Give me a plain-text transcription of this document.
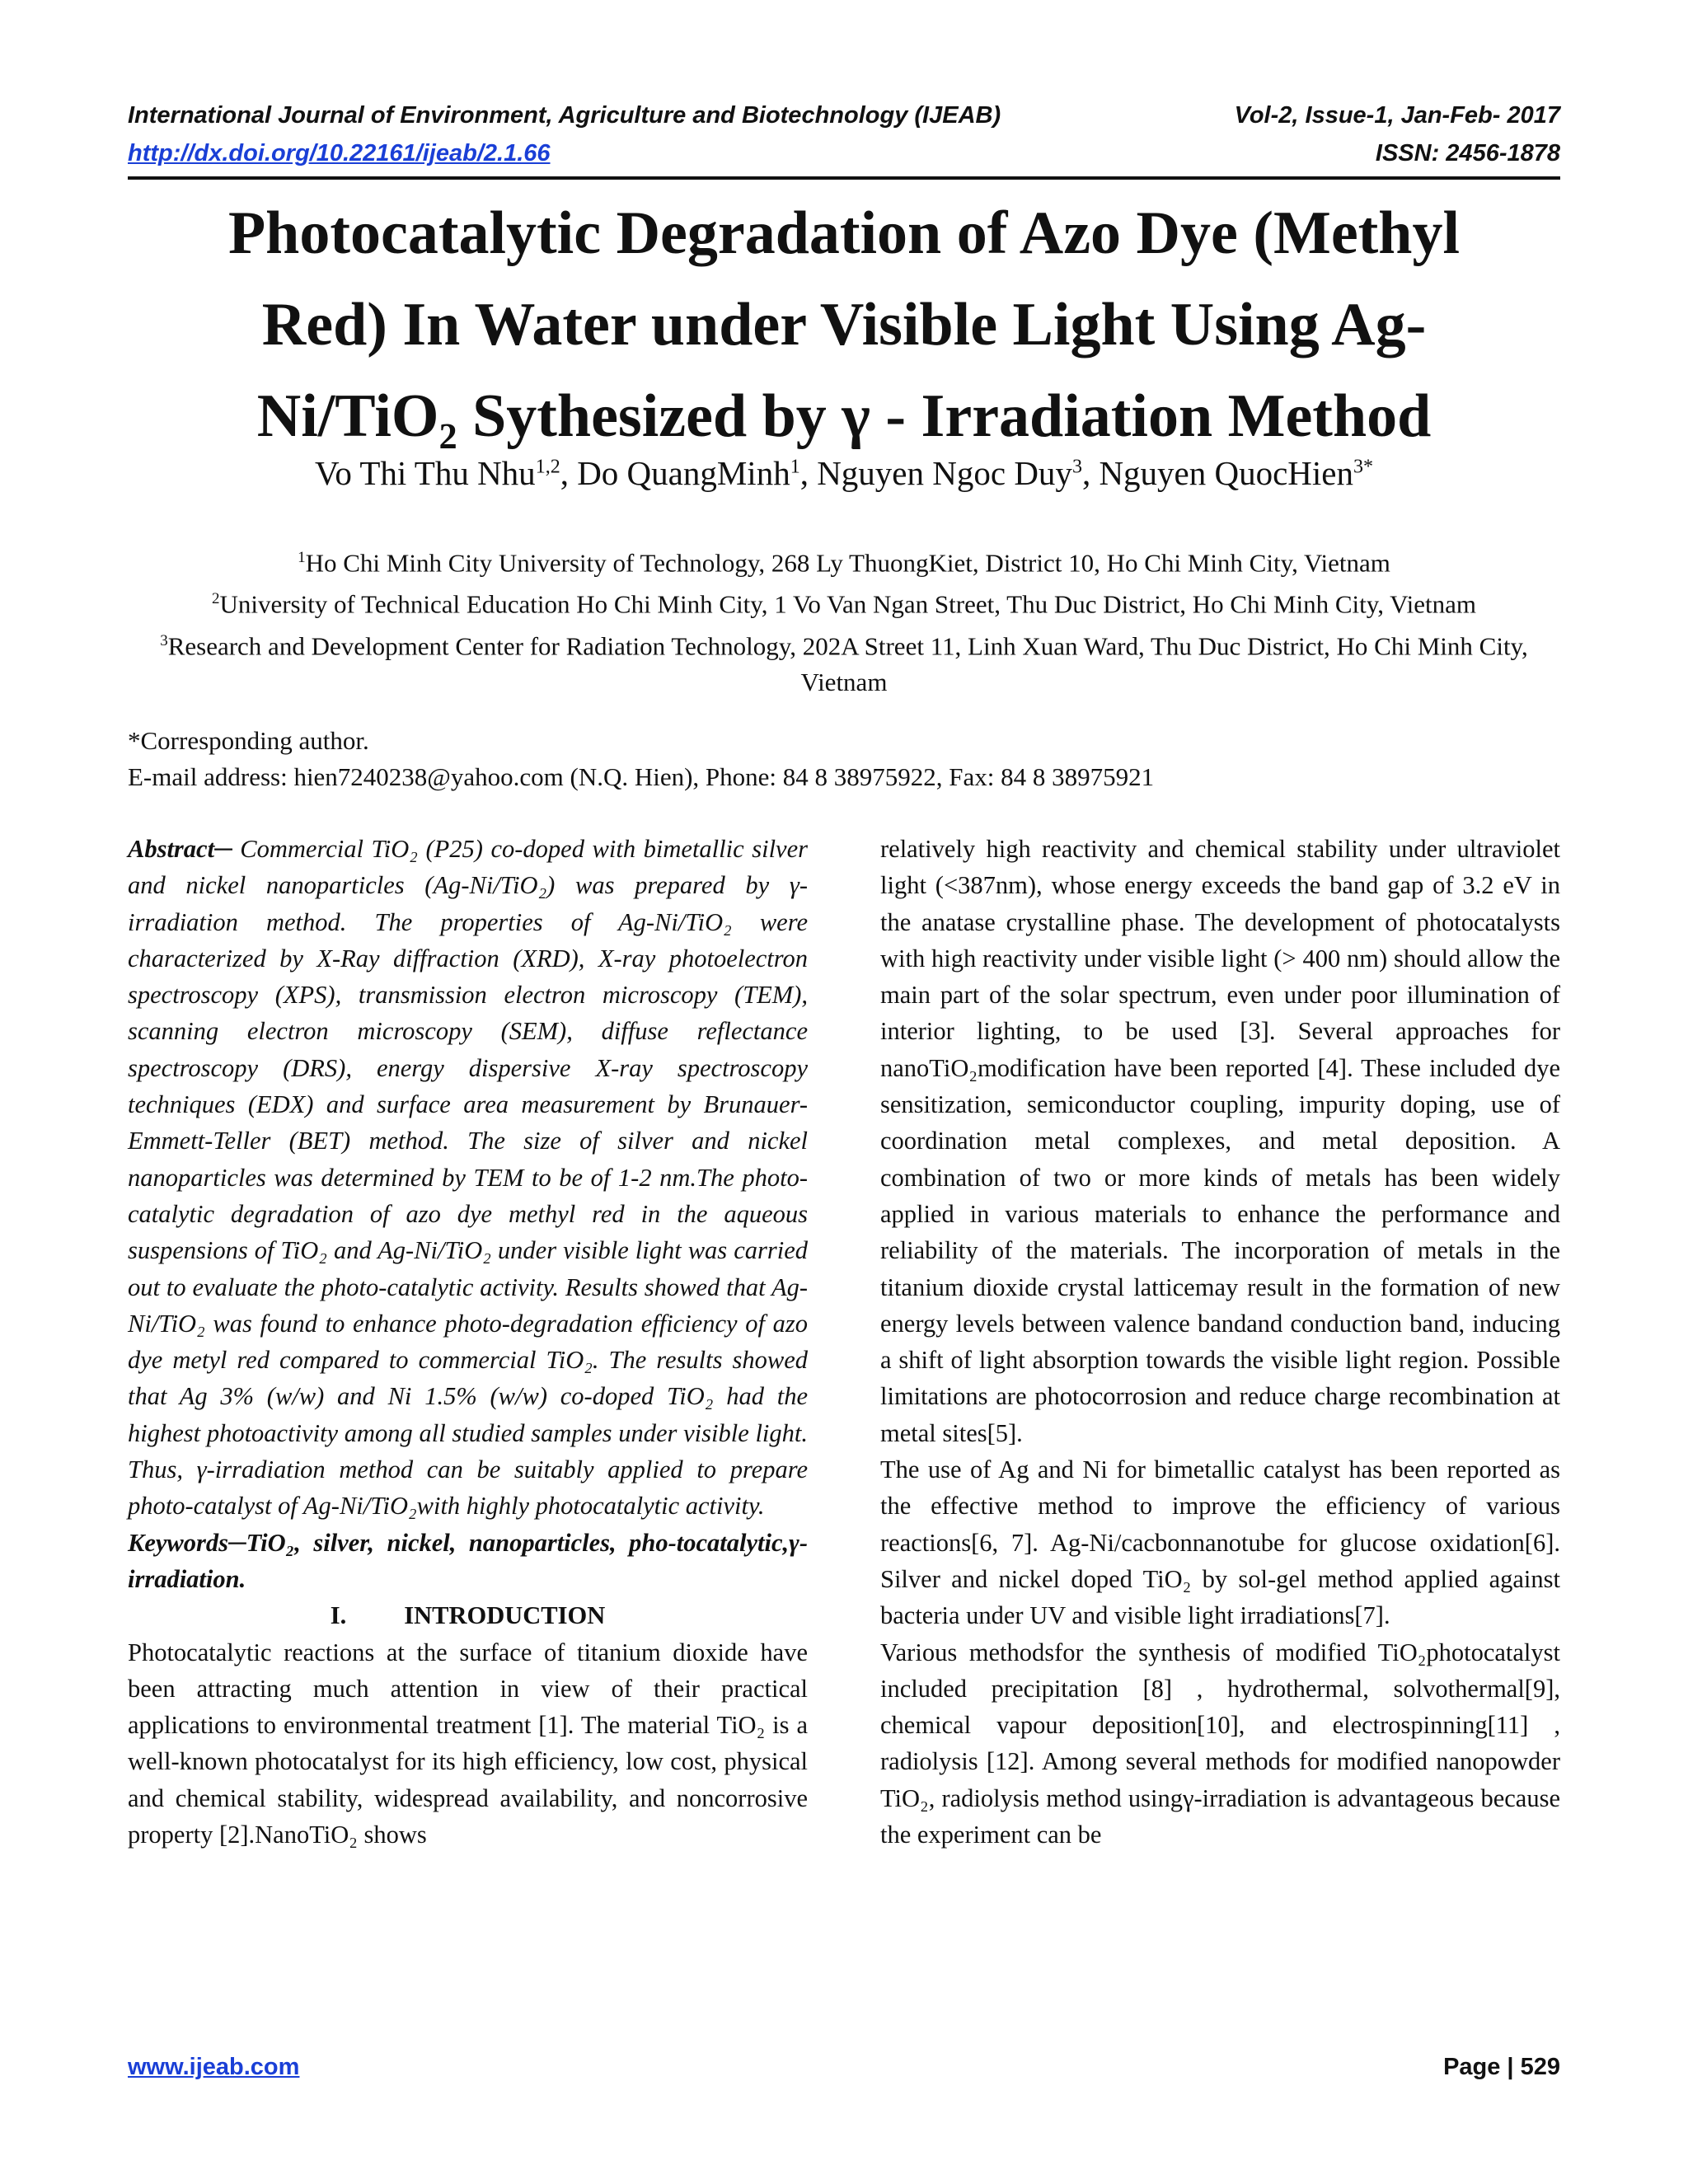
International Journal of Environment, Agriculture and Biotechnology (IJEAB)	Vol-2, Issue-1, Jan-Feb- 2017
http://dx.doi.org/10.22161/ijeab/2.1.66	ISSN: 2456-1878
Photocatalytic Degradation of Azo Dye (Methyl
Red) In Water under Visible Light Using Ag-
Ni/TiO₂ Sythesized by γ - Irradiation Method
Vo Thi Thu Nhu$^{1,2}$, Do QuangMinh$^1$, Nguyen Ngoc Duy$^3$, Nguyen QuocHien$^{3*}$
$^1$Ho Chi Minh City University of Technology, 268 Ly ThuongKiet, District 10, Ho Chi Minh City, Vietnam
$^2$University of Technical Education Ho Chi Minh City, 1 Vo Van Ngan Street, Thu Duc District, Ho Chi Minh City, Vietnam
$^3$Research and Development Center for Radiation Technology, 202A Street 11, Linh Xuan Ward, Thu Duc District, Ho Chi Minh City, Vietnam
*Corresponding author.
E-mail address: hien7240238@yahoo.com (N.Q. Hien), Phone: 84 8 38975922, Fax: 84 8 38975921

Abstract─ Commercial TiO₂ (P25) co-doped with bimetallic silver and nickel nanoparticles (Ag-Ni/TiO₂) was prepared by γ-irradiation method. The properties of Ag-Ni/TiO₂ were characterized by X-Ray diffraction (XRD), X-ray photoelectron spectroscopy (XPS), transmission electron microscopy (TEM), scanning electron microscopy (SEM), diffuse reflectance spectroscopy (DRS), energy dispersive X-ray spectroscopy techniques (EDX) and surface area measurement by Brunauer-Emmett-Teller (BET) method. The size of silver and nickel nanoparticles was determined by TEM to be of 1-2 nm.The photo-catalytic degradation of azo dye methyl red in the aqueous suspensions of TiO₂ and Ag-Ni/TiO₂ under visible light was carried out to evaluate the photo-catalytic activity. Results showed that Ag-Ni/TiO₂ was found to enhance photo-degradation efficiency of azo dye metyl red compared to commercial TiO₂. The results showed that Ag 3% (w/w) and Ni 1.5% (w/w) co-doped TiO₂ had the highest photoactivity among all studied samples under visible light. Thus, γ-irradiation method can be suitably applied to prepare photo-catalyst of Ag-Ni/TiO₂with highly photocatalytic activity.

Keywords─TiO₂, silver, nickel, nanoparticles, pho-tocatalytic,γ-irradiation.

I. INTRODUCTION

Photocatalytic reactions at the surface of titanium dioxide have been attracting much attention in view of their practical applications to environmental treatment [1]. The material TiO₂ is a well-known photocatalyst for its high efficiency, low cost, physical and chemical stability, widespread availability, and noncorrosive property [2].NanoTiO₂ shows

relatively high reactivity and chemical stability under ultraviolet light (<387nm), whose energy exceeds the band gap of 3.2 eV in the anatase crystalline phase. The development of photocatalysts with high reactivity under visible light (> 400 nm) should allow the main part of the solar spectrum, even under poor illumination of interior lighting, to be used [3]. Several approaches for nanoTiO₂modification have been reported [4]. These included dye sensitization, semiconductor coupling, impurity doping, use of coordination metal complexes, and metal deposition. A combination of two or more kinds of metals has been widely applied in various materials to enhance the performance and reliability of the materials. The incorporation of metals in the titanium dioxide crystal latticemay result in the formation of new energy levels between valence bandand conduction band, inducing a shift of light absorption towards the visible light region. Possible limitations are photocorrosion and reduce charge recombination at metal sites[5].

The use of Ag and Ni for bimetallic catalyst has been reported as the effective method to improve the efficiency of various reactions[6, 7]. Ag-Ni/cacbonnanotube for glucose oxidation[6]. Silver and nickel doped TiO₂ by sol-gel method applied against bacteria under UV and visible light irradiations[7].

Various methodsfor the synthesis of modified TiO₂photocatalyst included precipitation [8] , hydrothermal, solvothermal[9], chemical vapour deposition[10], and electrospinning[11] , radiolysis [12]. Among several methods for modified nanopowder TiO₂, radiolysis method usingγ-irradiation is advantageous because the experiment can be

www.ijeab.com	Page | 529
